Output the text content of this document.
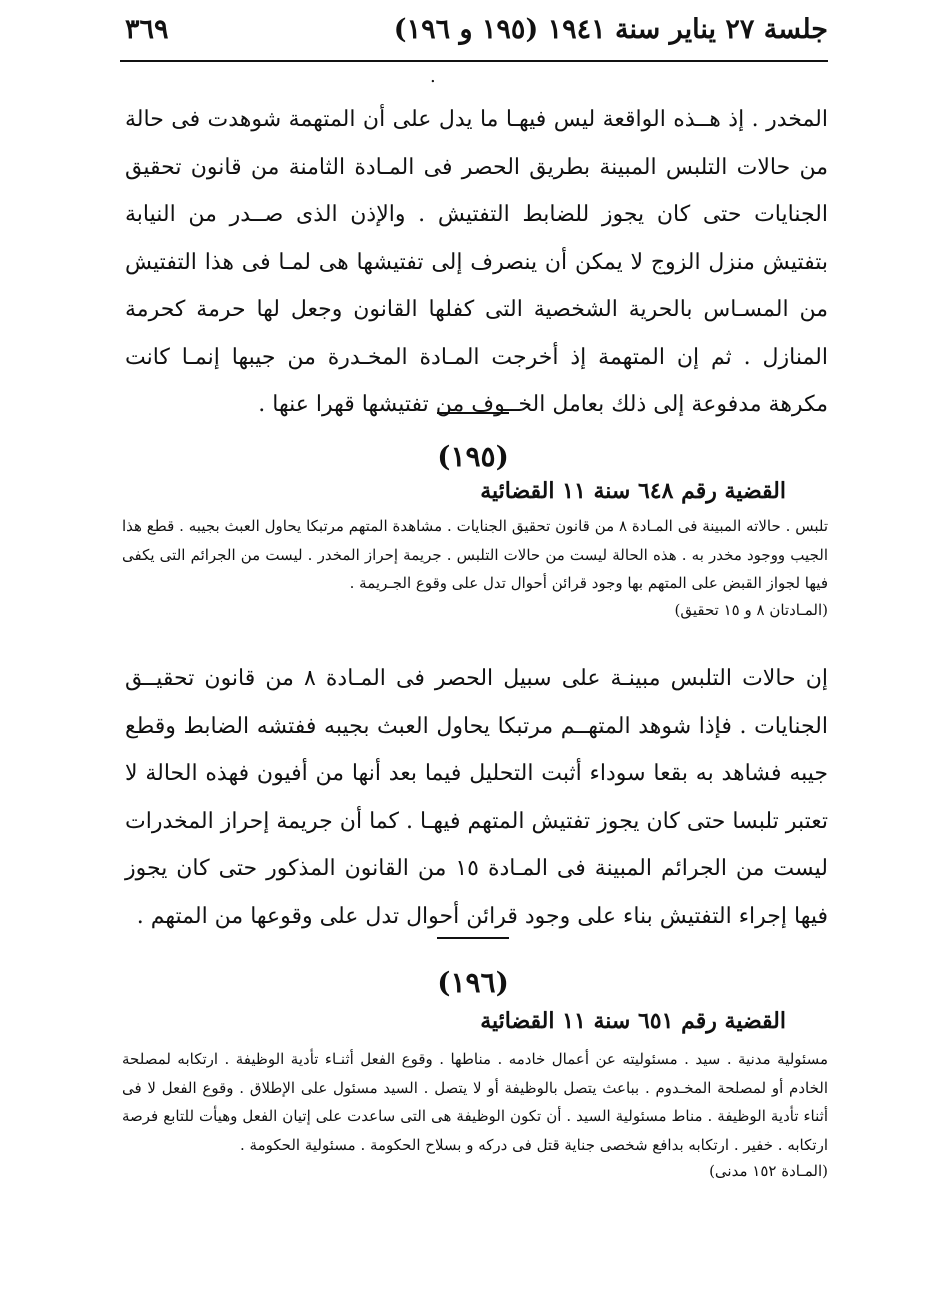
جلسة ٢٧ يناير سنة ١٩٤١ (١٩٥ و ١٩٦)
٣٦٩
.
المخدر . إذ هــذه الواقعة ليس فيهـا ما يدل على أن المتهمة شوهدت فى حالة من حالات التلبس المبينة بطريق الحصر فى المـادة الثامنة من قانون تحقيق الجنايات حتى كان يجوز للضابط التفتيش . والإذن الذى صــدر من النيابة بتفتيش منزل الزوج لا يمكن أن ينصرف إلى تفتيشها هى لمـا فى هذا التفتيش من المسـاس بالحرية الشخصية التى كفلها القانون وجعل لها حرمة كحرمة المنازل . ثم إن المتهمة إذ أخرجت المـادة المخـدرة من جيبها إنمـا كانت مكرهة مدفوعة إلى ذلك بعامل الخــوف من تفتيشها قهرا عنها .
(١٩٥)
القضية رقم ٦٤٨ سنة ١١ القضائية
تلبس . حالاته المبينة فى المـادة ٨ من قانون تحقيق الجنايات . مشاهدة المتهم مرتبكا يحاول العبث بجيبه . قطع هذا الجيب ووجود مخدر به . هذه الحالة ليست من حالات التلبس . جريمة إحراز المخدر . ليست من الجرائم التى يكفى فيها لجواز القبض على المتهم بها وجود قرائن أحوال تدل على وقوع الجـريمة .
(المـادتان ٨ و ١٥ تحقيق)
إن حالات التلبس مبينـة على سبيل الحصر فى المـادة ٨ من قانون تحقيــق الجنايات . فإذا شوهد المتهــم مرتبكا يحاول العبث بجيبه ففتشه الضابط وقطع جيبه فشاهد به بقعا سوداء أثبت التحليل فيما بعد أنها من أفيون فهذه الحالة لا تعتبر تلبسا حتى كان يجوز تفتيش المتهم فيهـا . كما أن جريمة إحراز المخدرات ليست من الجرائم المبينة فى المـادة ١٥ من القانون المذكور حتى كان يجوز فيها إجراء التفتيش بناء على وجود قرائن أحوال تدل على وقوعها من المتهم .
(١٩٦)
القضية رقم ٦٥١ سنة ١١ القضائية
مسئولية مدنية . سيد . مسئوليته عن أعمال خادمه . مناطها . وقوع الفعل أثنـاء تأدية الوظيفة . ارتكابه لمصلحة الخادم أو لمصلحة المخـدوم . بباعث يتصل بالوظيفة أو لا يتصل . السيد مسئول على الإطلاق . وقوع الفعل لا فى أثناء تأدية الوظيفة . مناط مسئولية السيد . أن تكون الوظيفة هى التى ساعدت على إتيان الفعل وهيأت للتابع فرصة ارتكابه . خفير . ارتكابه بدافع شخصى جناية قتل فى دركه و بسلاح الحكومة . مسئولية الحكومة .
(المـادة ١٥٢ مدنى)
